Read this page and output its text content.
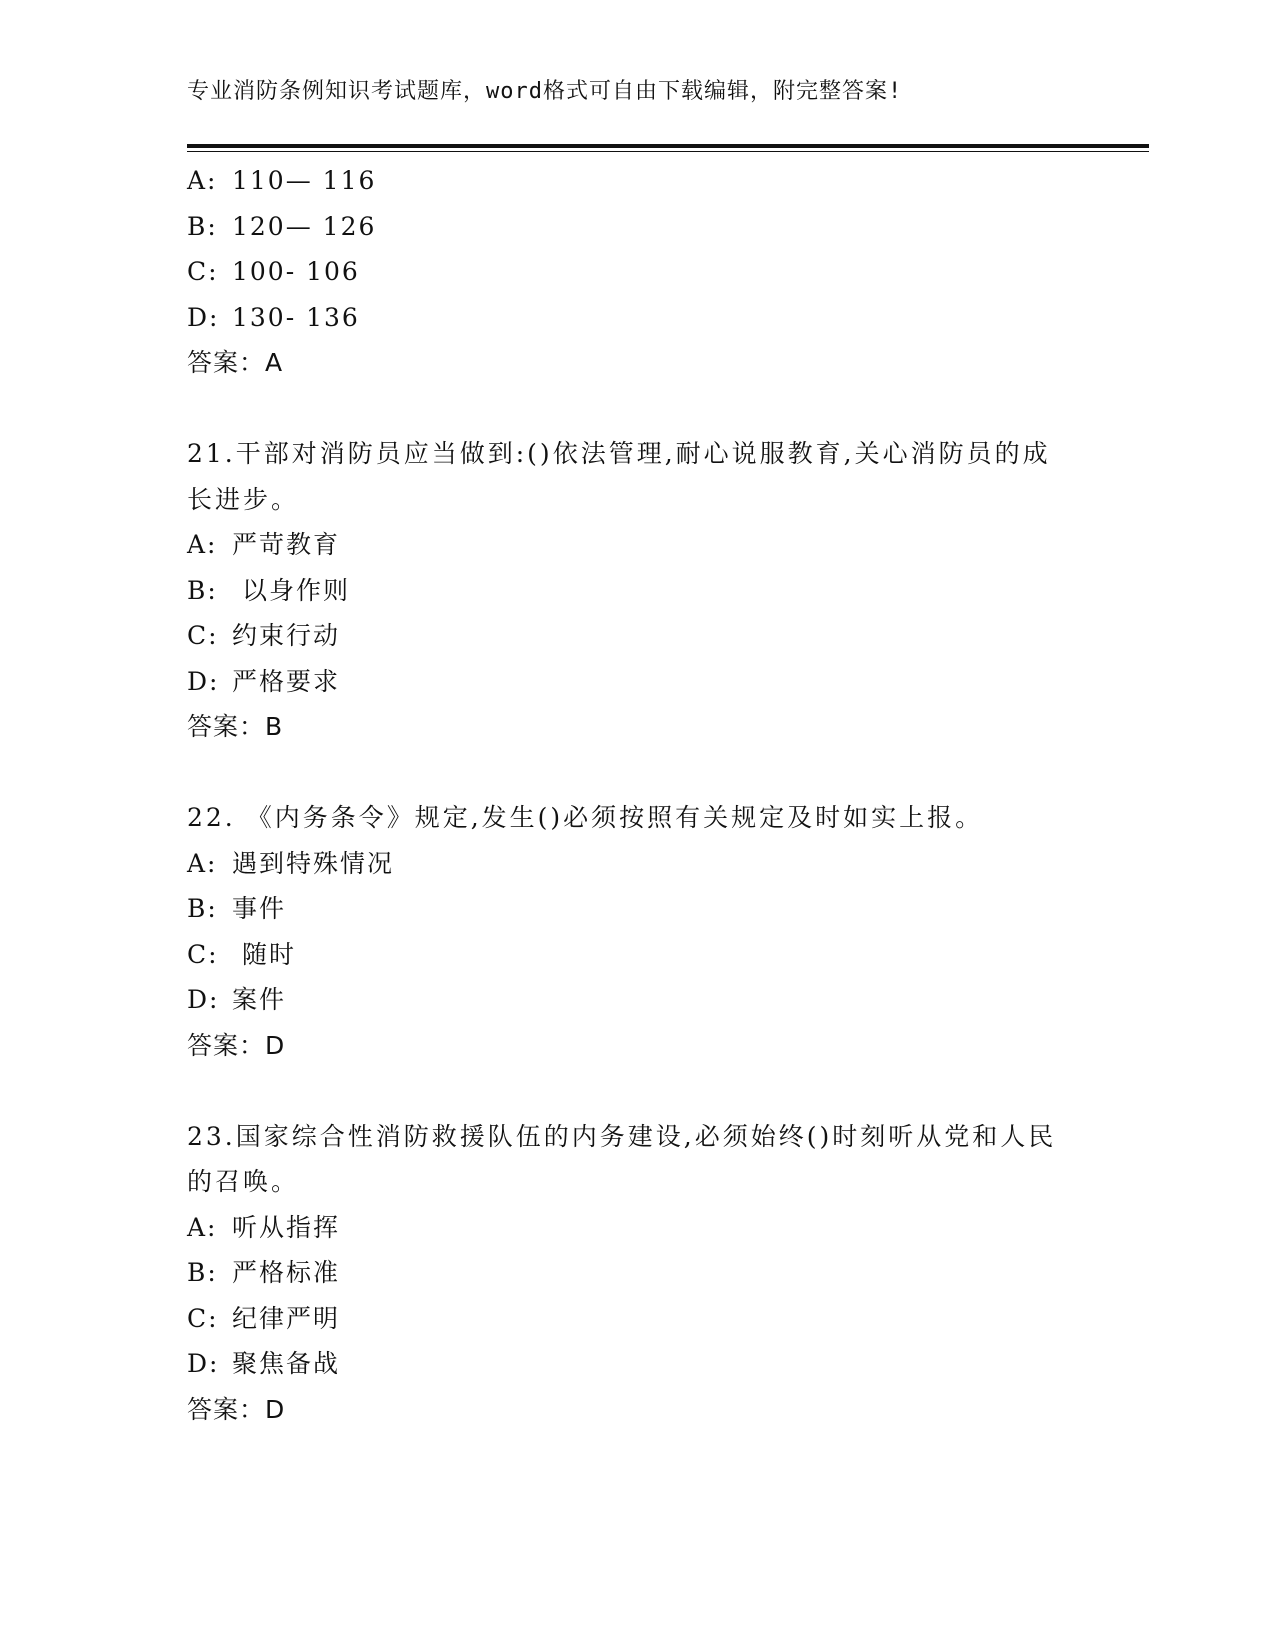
专业消防条例知识考试题库，word格式可自由下载编辑，附完整答案!
A: 110— 116
B: 120— 126
C: 100- 106
D: 130- 136
答案：A
21.干部对消防员应当做到:()依法管理,耐心说服教育,关心消防员的成长进步。
A: 严苛教育
B: 以身作则
C: 约束行动
D: 严格要求
答案：B
22. 《内务条令》规定,发生()必须按照有关规定及时如实上报。
A: 遇到特殊情况
B: 事件
C: 随时
D: 案件
答案：D
23.国家综合性消防救援队伍的内务建设,必须始终()时刻听从党和人民的召唤。
A: 听从指挥
B: 严格标准
C: 纪律严明
D: 聚焦备战
答案：D
